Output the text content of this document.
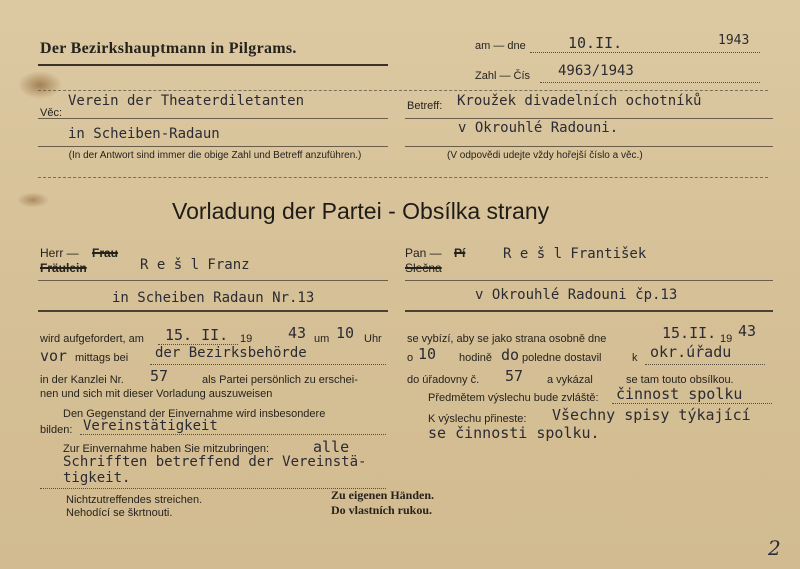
Der Bezirkshauptmann in Pilgrams.	am — dne	10.II.	1943
Zahl — Čís 4963/1943
Věc:
Verein der Theaterdiletanten
in Scheiben-Radaun
(In der Antwort sind immer die obige Zahl und Betreff anzuführen.)
Betreff: Kroužek divadelních ochotníků
v Okrouhlé Radouni.
(V odpovědi udejte vždy hořejší číslo a věc.)
Vorladung der Partei - Obsílka strany
Herr — Frau
Fräulein	R e š l Franz
in Scheiben Radaun Nr.13
Pan — Pí
Slečna
R e š l František
v Okrouhlé Radouni čp.13
wird aufgefordert, am 15. II. 19 43 um 10 Uhr
vor mittags bei der Bezirksbehörde
in der Kanzlei Nr. 57	als Partei persönlich zu erschei-
nen und sich mit dieser Vorladung auszuweisen
Den Gegenstand der Einvernahme wird insbesondere
bilden: Vereinstätigkeit
Zur Einvernahme haben Sie mitzubringen:	alle
Schrifften betreffend der Vereinstä-
tigkeit.
Nichtzutreffendes streichen.
se vybízí, aby se jako strana osobně dne	15.II. 19 43
o 10 hodině do poledne dostavil	k okr.úřadu
do úřadovny č. 57 a vykázal	se tam touto obsílkou.
Předmětem výslechu bude zvláště: činnost spolku
K výslechu přineste: Všechny spisy týkající
se činnosti spolku.
Nehodící se škrtnouti.
Zu eigenen Händen.
Do vlastních rukou.
2
